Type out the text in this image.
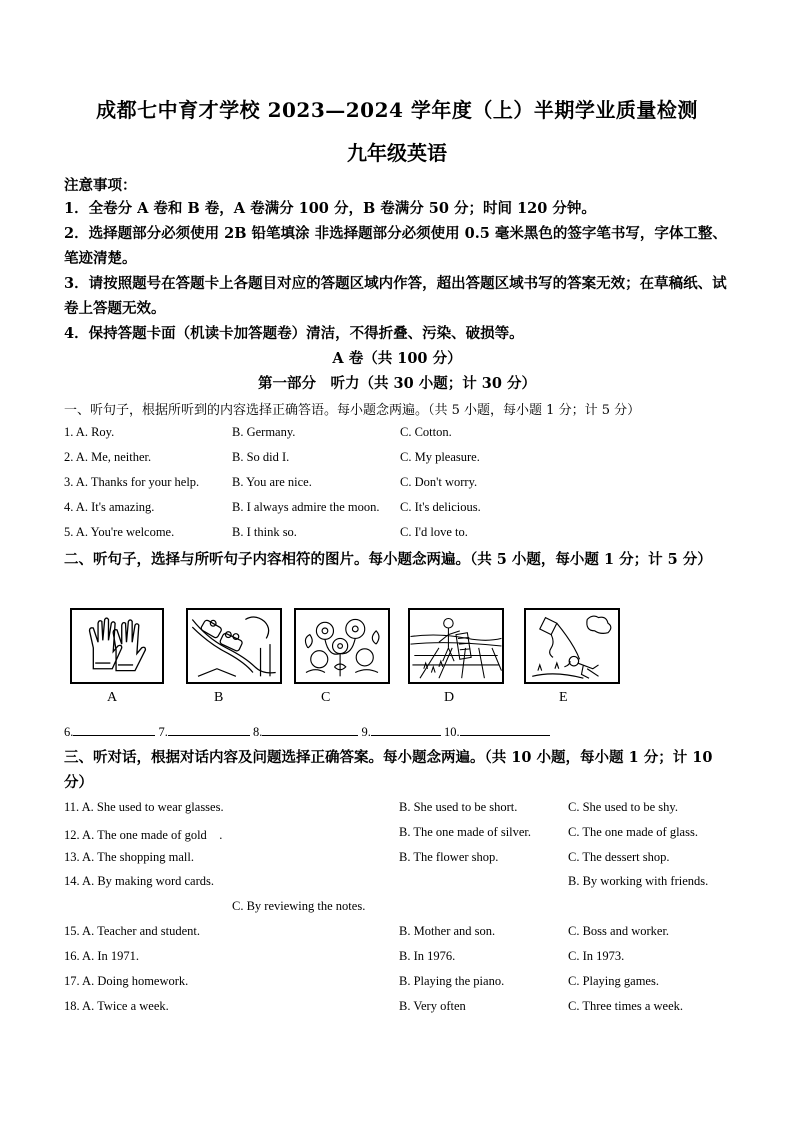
成都七中育才学校 2023—2024 学年度（上）半期学业质量检测
九年级英语
注意事项：
1．全卷分 A 卷和 B 卷，A 卷满分 100 分，B 卷满分 50 分；时间 120 分钟。
2．选择题部分必须使用 2B 铅笔填涂 非选择题部分必须使用 0.5 毫米黑色的签字笔书写，字体工整、笔迹清楚。
3．请按照题号在答题卡上各题目对应的答题区域内作答，超出答题区域书写的答案无效；在草稿纸、试卷上答题无效。
4．保持答题卡面（机读卡加答题卷）清洁，不得折叠、污染、破损等。
A 卷（共 100 分）
第一部分　听力（共 30 小题；计 30 分）
一、听句子，根据所听到的内容选择正确答语。每小题念两遍。（共 5 小题，每小题 1 分；计 5 分）
1. A. Roy.	B. Germany.	C. Cotton.
2. A. Me, neither.	B. So did I.	C. My pleasure.
3. A. Thanks for your help.	B. You are nice.	C. Don't worry.
4. A. It's amazing.	B. I always admire the moon. C. It's delicious.
5. A. You're welcome.	B. I think so.	C. I'd love to.
二、听句子，选择与所听句子内容相符的图片。每小题念两遍。（共 5 小题，每小题 1 分；计 5 分）
A	B	C	D	E
6.	7.	8.	9.	10.
三、听对话，根据对话内容及问题选择正确答案。每小题念两遍。（共 10 小题，每小题 1 分；计 10 分）
11. A. She used to wear glasses.	B. She used to be short.	C. She used to be shy.
12. A. The one made of gold　.	B. The one made of silver.	C. The one made of glass.
13. A. The shopping mall.	B. The flower shop.	C. The dessert shop.
14. A. By making word cards.	B. By working with friends.
C. By reviewing the notes.
15. A. Teacher and student.	B. Mother and son.	C. Boss and worker.
16. A. In 1971.	B. In 1976.	C. In 1973.
17. A. Doing homework.	B. Playing the piano.	C. Playing games.
18. A. Twice a week.	B. Very often	C. Three times a week.
